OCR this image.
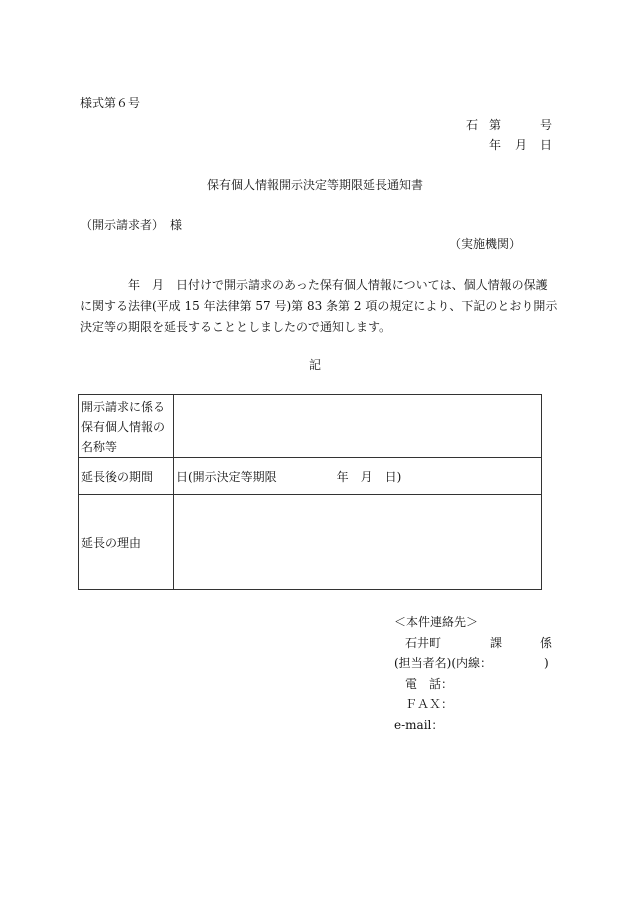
様式第６号
石 第	号
年 月 日
保有個人情報開示決定等期限延長通知書
（開示請求者）　様
（実施機関）
　　　　年　月　日付けで開示請求のあった保有個人情報については、個人情報の保護
に関する法律(平成 15 年法律第 57 号)第 83 条第 2 項の規定により、下記のとおり開示
決定等の期限を延長することとしましたので通知します。
記
開示請求に係る
保有個人情報の
名称等	

延長後の期間	日(開示決定等期限　　　　　年　月　日)
延長の理由	
＜本件連絡先＞
石井町	課	係
(担当者名)(内線：	)
電　話：
ＦＡＸ：
e-mail：
